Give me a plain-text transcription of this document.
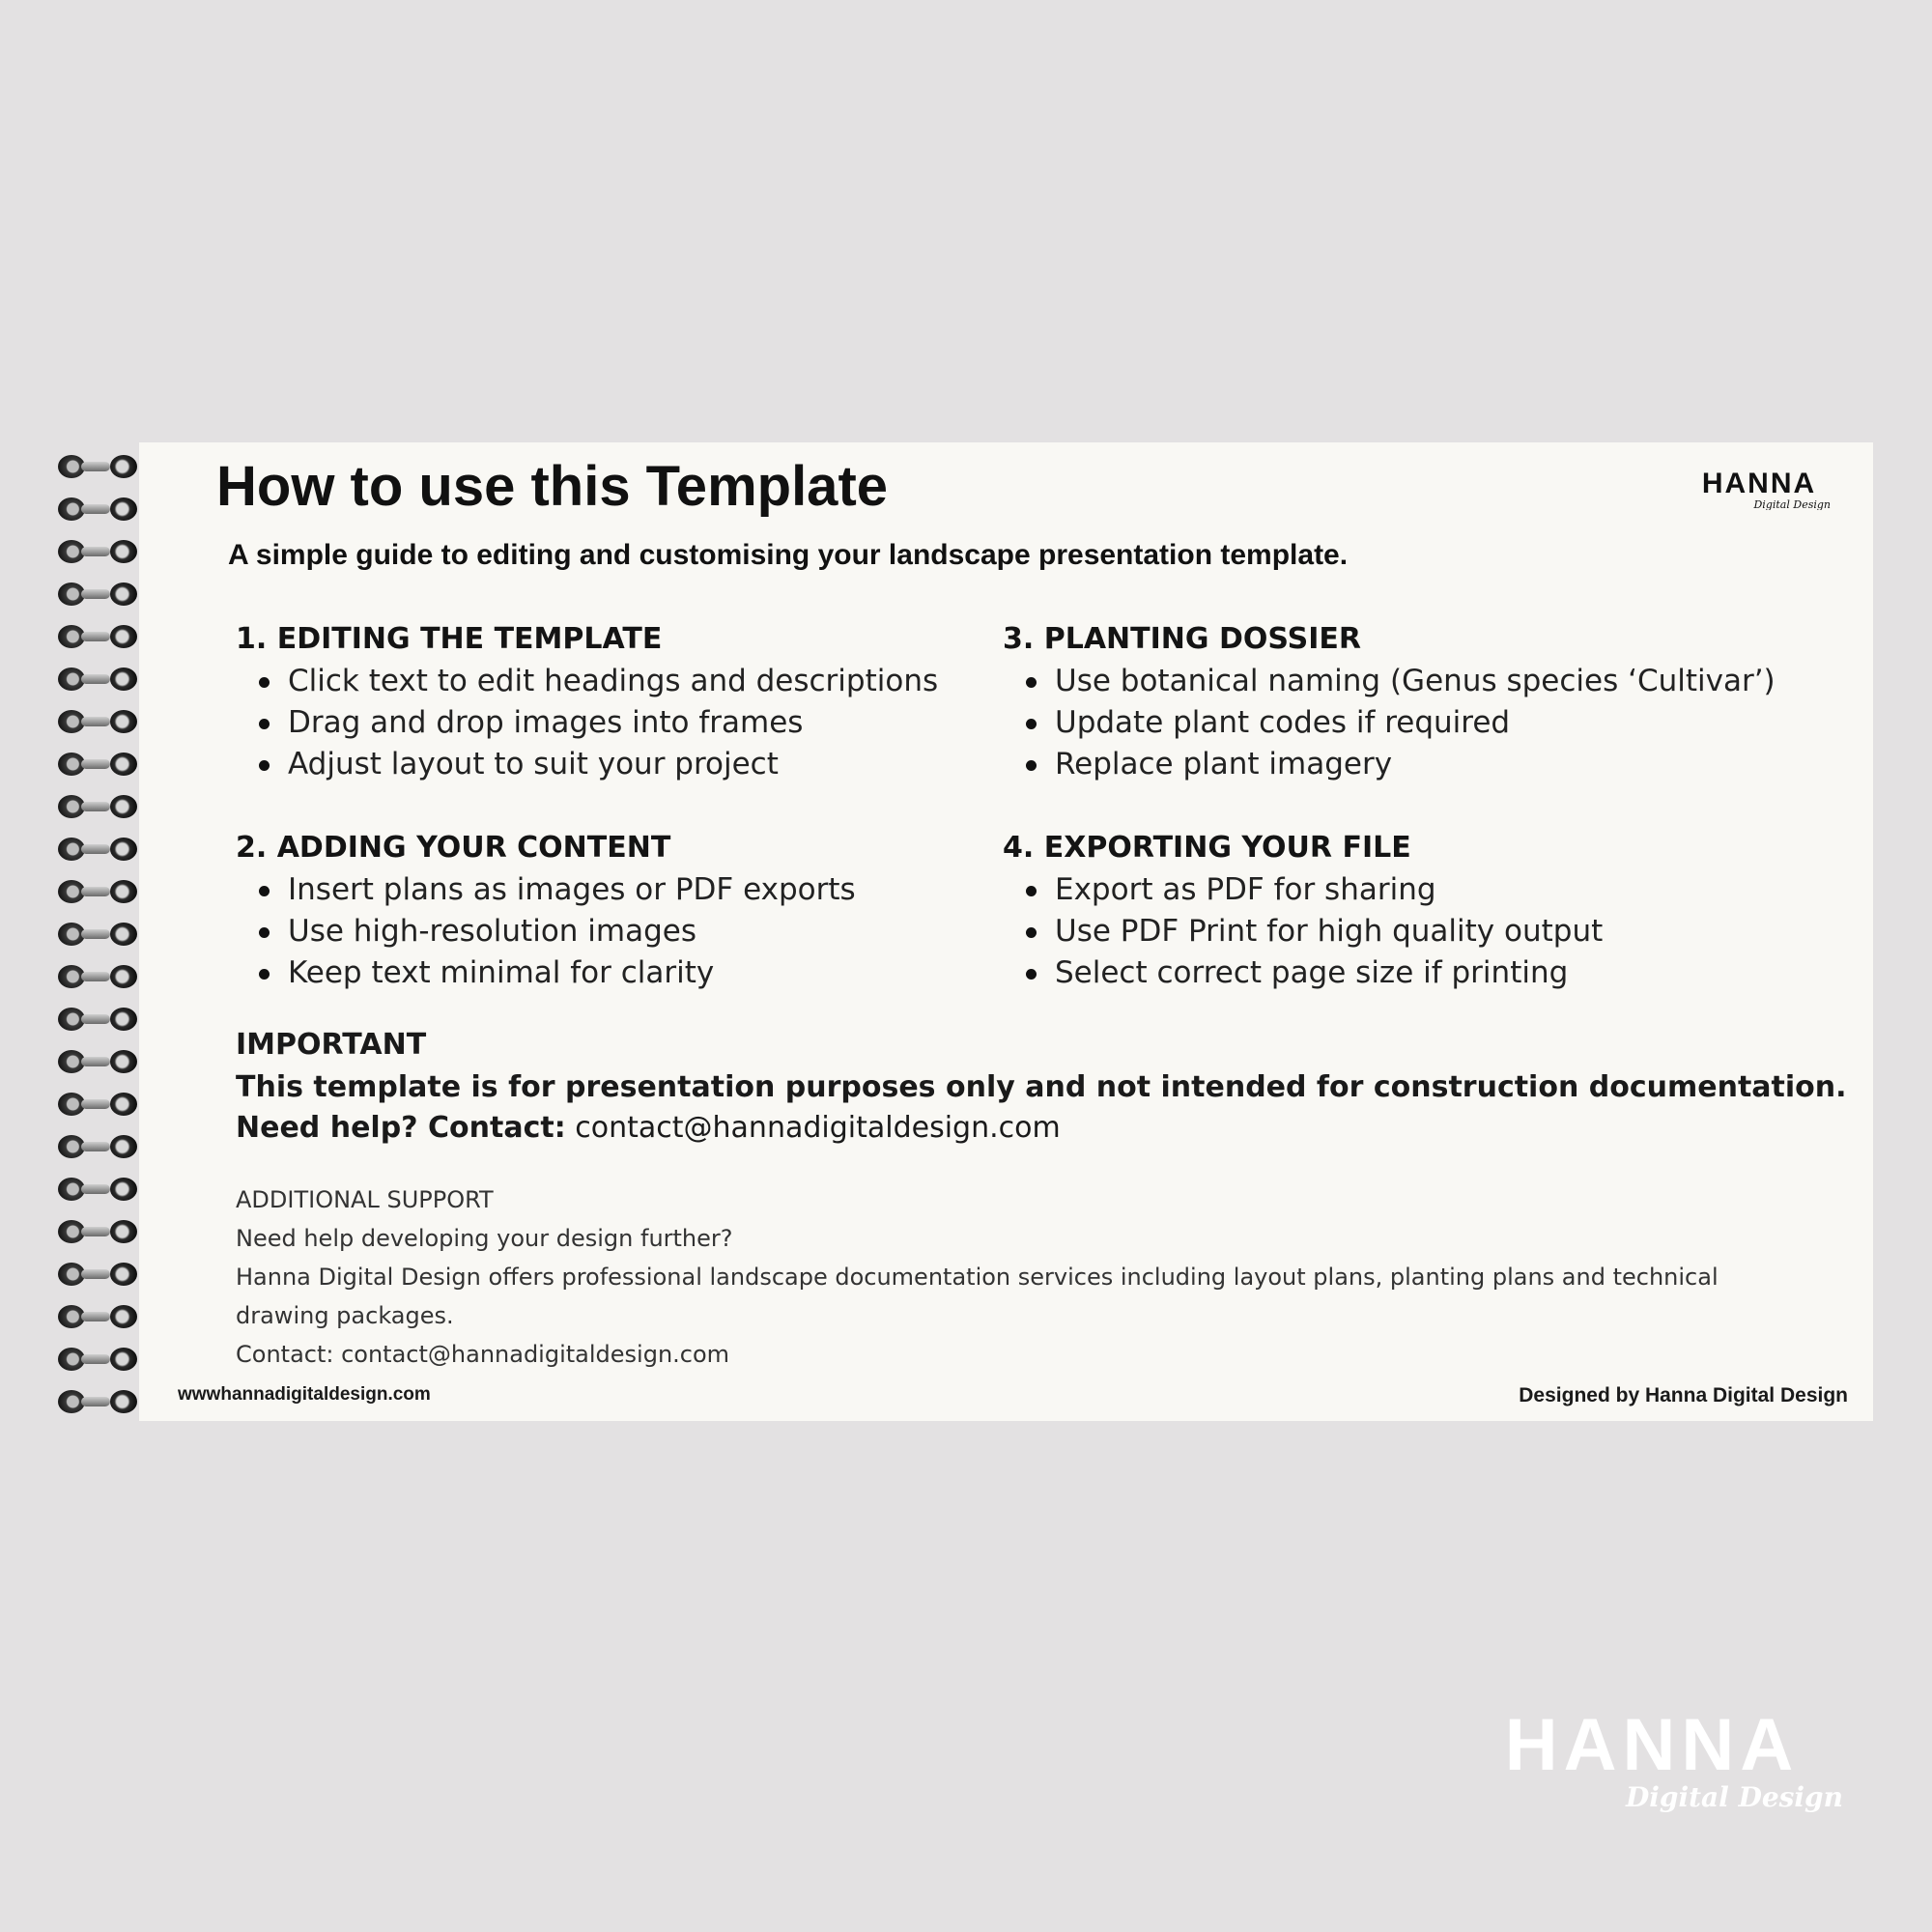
How to use this Template	HANNA
Digital Design

A simple guide to editing and customising your landscape presentation template.

1. EDITING THE TEMPLATE

Click text to edit headings and descriptions
Drag and drop images into frames
Adjust layout to suit your project

2. ADDING YOUR CONTENT

Insert plans as images or PDF exports
Use high-resolution images
Keep text minimal for clarity

3. PLANTING DOSSIER

Use botanical naming (Genus species ‘Cultivar’)
Update plant codes if required
Replace plant imagery

4. EXPORTING YOUR FILE

Export as PDF for sharing
Use PDF Print for high quality output
Select correct page size if printing

IMPORTANT

This template is for presentation purposes only and not intended for construction documentation.

Need help? Contact: contact@hannadigitaldesign.com

ADDITIONAL SUPPORT

Need help developing your design further?

Hanna Digital Design offers professional landscape documentation services including layout plans, planting plans and technical drawing packages.

Contact: contact@hannadigitaldesign.com

wwwhannadigitaldesign.com	Designed by Hanna Digital Design

HANNA
Digital Design
